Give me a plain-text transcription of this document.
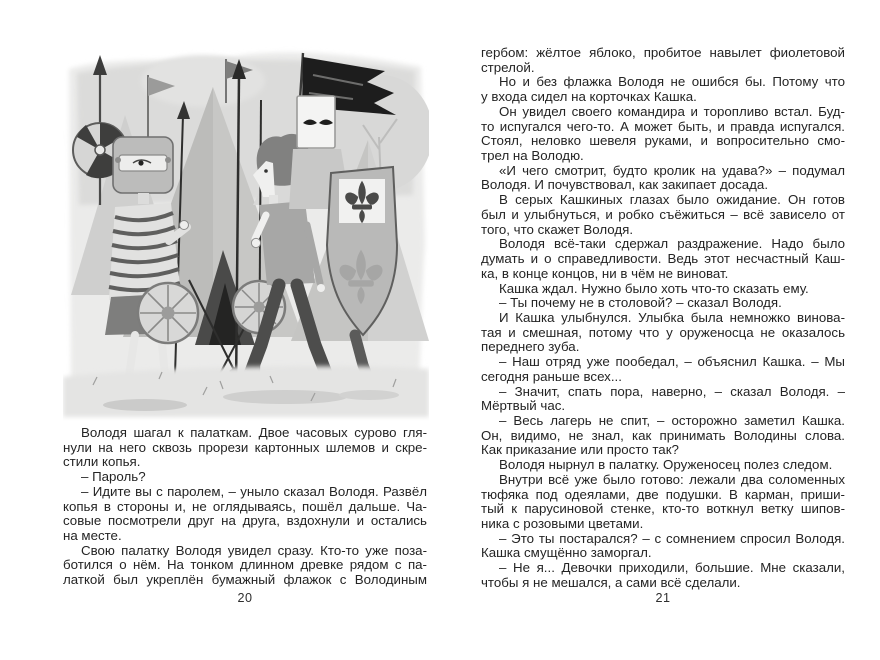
Володя шагал к палаткам. Двое часовых сурово гля-
нули на него сквозь прорези картонных шлемов и скре-
стили копья.
– Пароль?
– Идите вы с паролем, – уныло сказал Володя. Развёл
копья в стороны и, не оглядываясь, пошёл дальше. Ча-
совые посмотрели друг на друга, вздохнули и остались
на месте.
Свою палатку Володя увидел сразу. Кто-то уже поза-
ботился о нём. На тонком длинном древке рядом с па-
латкой был укреплён бумажный флажок с Володиным
гербом: жёлтое яблоко, пробитое навылет фиолетовой
стрелой.
Но и без флажка Володя не ошибся бы. Потому что
у входа сидел на корточках Кашка.
Он увидел своего командира и торопливо встал. Буд-
то испугался чего-то. А может быть, и правда испугался.
Стоял, неловко шевеля руками, и вопросительно смо-
трел на Володю.
«И чего смотрит, будто кролик на удава?» – подумал
Володя. И почувствовал, как закипает досада.
В серых Кашкиных глазах было ожидание. Он готов
был и улыбнуться, и робко съёжиться – всё зависело от
того, что скажет Володя.
Володя всё-таки сдержал раздражение. Надо было
думать и о справедливости. Ведь этот несчастный Каш-
ка, в конце концов, ни в чём не виноват.
Кашка ждал. Нужно было хоть что-то сказать ему.
– Ты почему не в столовой? – сказал Володя.
И Кашка улыбнулся. Улыбка была немножко винова-
тая и смешная, потому что у оруженосца не оказалось
переднего зуба.
– Наш отряд уже пообедал, – объяснил Кашка. – Мы
сегодня раньше всех...
– Значит, спать пора, наверно, – сказал Володя. –
Мёртвый час.
– Весь лагерь не спит, – осторожно заметил Кашка.
Он, видимо, не знал, как принимать Володины слова.
Как приказание или просто так?
Володя нырнул в палатку. Оруженосец полез следом.
Внутри всё уже было готово: лежали два соломенных
тюфяка под одеялами, две подушки. В карман, приши-
тый к парусиновой стенке, кто-то воткнул ветку шипов-
ника с розовыми цветами.
– Это ты постарался? – с сомнением спросил Володя.
Кашка смущённо заморгал.
– Не я... Девочки приходили, большие. Мне сказали,
чтобы я не мешался, а сами всё сделали.
20	21
